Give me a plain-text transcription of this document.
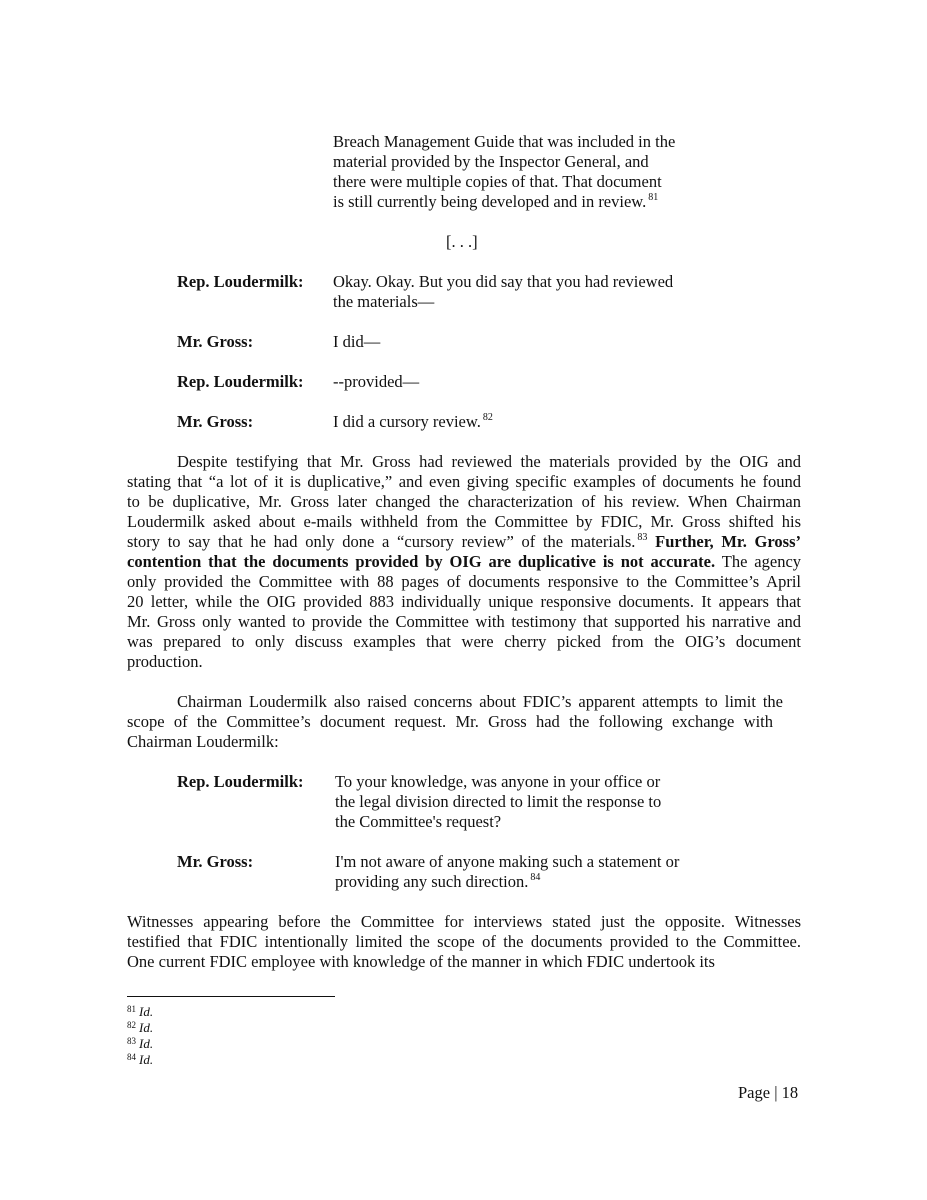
Breach Management Guide that was included in the
material provided by the Inspector General, and
there were multiple copies of that. That document
is still currently being developed and in review. $^{81}$
[. . .]
Rep. Loudermilk: Okay. Okay. But you did say that you had reviewed
the materials—
Mr. Gross:	I did—
Rep. Loudermilk: --provided—
Mr. Gross:	I did a cursory review. $^{82}$
Despite testifying that Mr. Gross had reviewed the materials provided by the OIG and
stating that “a lot of it is duplicative,” and even giving specific examples of documents he found
to be duplicative, Mr. Gross later changed the characterization of his review. When Chairman
Loudermilk asked about e-mails withheld from the Committee by FDIC, Mr. Gross shifted his
story to say that he had only done a “cursory review” of the materials. $^{83}$ Further, Mr. Gross’
contention that the documents provided by OIG are duplicative is not accurate. The agency
only provided the Committee with 88 pages of documents responsive to the Committee’s April
20 letter, while the OIG provided 883 individually unique responsive documents. It appears that
Mr. Gross only wanted to provide the Committee with testimony that supported his narrative and
was prepared to only discuss examples that were cherry picked from the OIG’s document
production.
Chairman Loudermilk also raised concerns about FDIC’s apparent attempts to limit the
scope of the Committee’s document request. Mr. Gross had the following exchange with
Chairman Loudermilk:
Rep. Loudermilk: To your knowledge, was anyone in your office or
the legal division directed to limit the response to
the Committee's request?
Mr. Gross:	I'm not aware of anyone making such a statement or
providing any such direction. $^{84}$
Witnesses appearing before the Committee for interviews stated just the opposite. Witnesses
testified that FDIC intentionally limited the scope of the documents provided to the Committee.
One current FDIC employee with knowledge of the manner in which FDIC undertook its
$^{81}$ Id.
$^{82}$ Id.
$^{83}$ Id.
$^{84}$ Id.
Page | 18
